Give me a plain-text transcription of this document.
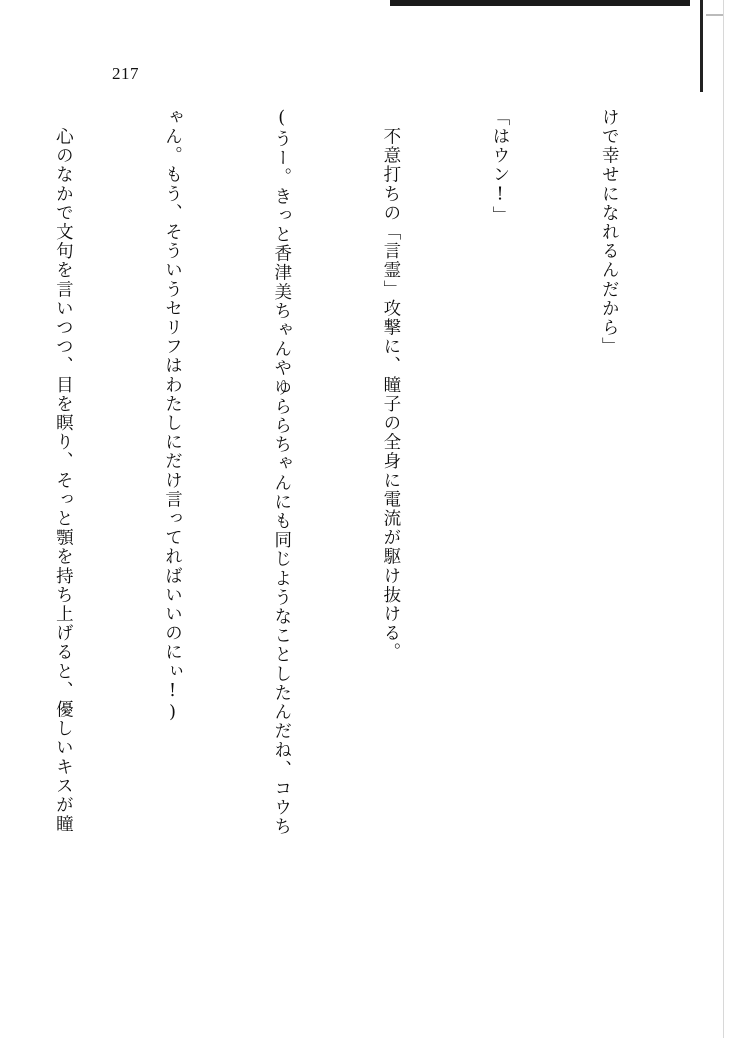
217

けで幸せになれるんだから」

「はウン!」

　不意打ちの「言霊」攻撃に、瞳子の全身に電流が駆け抜ける。

(うー。きっと香津美ちゃんやゆららちゃんにも同じようなことしたんだね、コウち

ゃん。もう、そういうセリフはわたしにだけ言ってればいいのにぃ!)

　心のなかで文句を言いつつ、目を瞑り、そっと顎を持ち上げると、優しいキスが瞳
